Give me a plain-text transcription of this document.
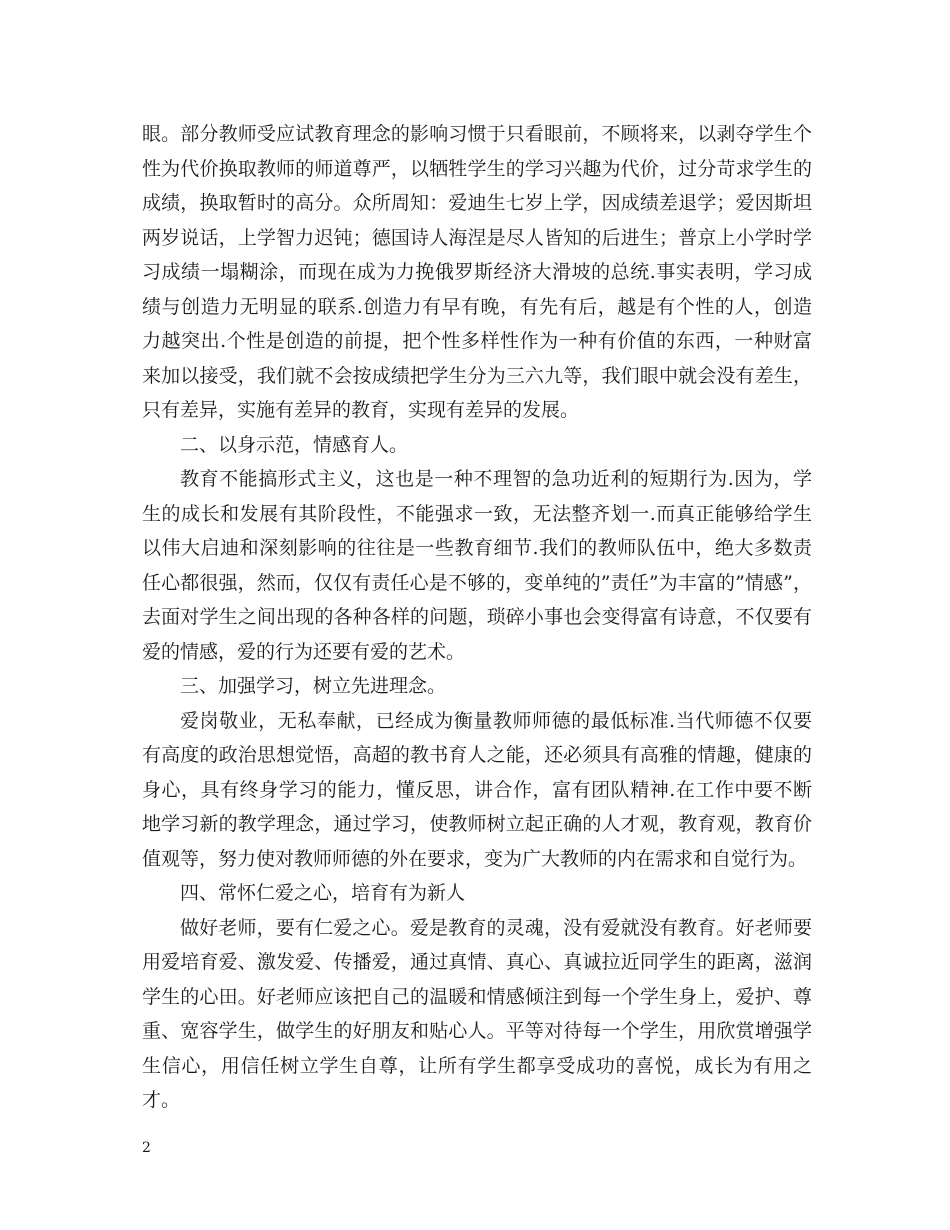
眼。部分教师受应试教育理念的影响习惯于只看眼前，不顾将来，以剥夺学生个性为代价换取教师的师道尊严，以牺牲学生的学习兴趣为代价，过分苛求学生的成绩，换取暂时的高分。众所周知：爱迪生七岁上学，因成绩差退学；爱因斯坦两岁说话，上学智力迟钝；德国诗人海涅是尽人皆知的后进生；普京上小学时学习成绩一塌糊涂，而现在成为力挽俄罗斯经济大滑坡的总统.事实表明，学习成绩与创造力无明显的联系.创造力有早有晚，有先有后，越是有个性的人，创造力越突出.个性是创造的前提，把个性多样性作为一种有价值的东西，一种财富来加以接受，我们就不会按成绩把学生分为三六九等，我们眼中就会没有差生，只有差异，实施有差异的教育，实现有差异的发展。

二、以身示范，情感育人。

教育不能搞形式主义，这也是一种不理智的急功近利的短期行为.因为，学生的成长和发展有其阶段性，不能强求一致，无法整齐划一.而真正能够给学生以伟大启迪和深刻影响的往往是一些教育细节.我们的教师队伍中，绝大多数责任心都很强，然而，仅仅有责任心是不够的，变单纯的”责任”为丰富的”情感”，去面对学生之间出现的各种各样的问题，琐碎小事也会变得富有诗意，不仅要有爱的情感，爱的行为还要有爱的艺术。

三、加强学习，树立先进理念。

爱岗敬业，无私奉献，已经成为衡量教师师德的最低标准.当代师德不仅要有高度的政治思想觉悟，高超的教书育人之能，还必须具有高雅的情趣，健康的身心，具有终身学习的能力，懂反思，讲合作，富有团队精神.在工作中要不断地学习新的教学理念，通过学习，使教师树立起正确的人才观，教育观，教育价值观等，努力使对教师师德的外在要求，变为广大教师的内在需求和自觉行为。

四、常怀仁爱之心，培育有为新人

做好老师，要有仁爱之心。爱是教育的灵魂，没有爱就没有教育。好老师要用爱培育爱、激发爱、传播爱，通过真情、真心、真诚拉近同学生的距离，滋润学生的心田。好老师应该把自己的温暖和情感倾注到每一个学生身上，爱护、尊重、宽容学生，做学生的好朋友和贴心人。平等对待每一个学生，用欣赏增强学生信心，用信任树立学生自尊，让所有学生都享受成功的喜悦，成长为有用之才。

2
